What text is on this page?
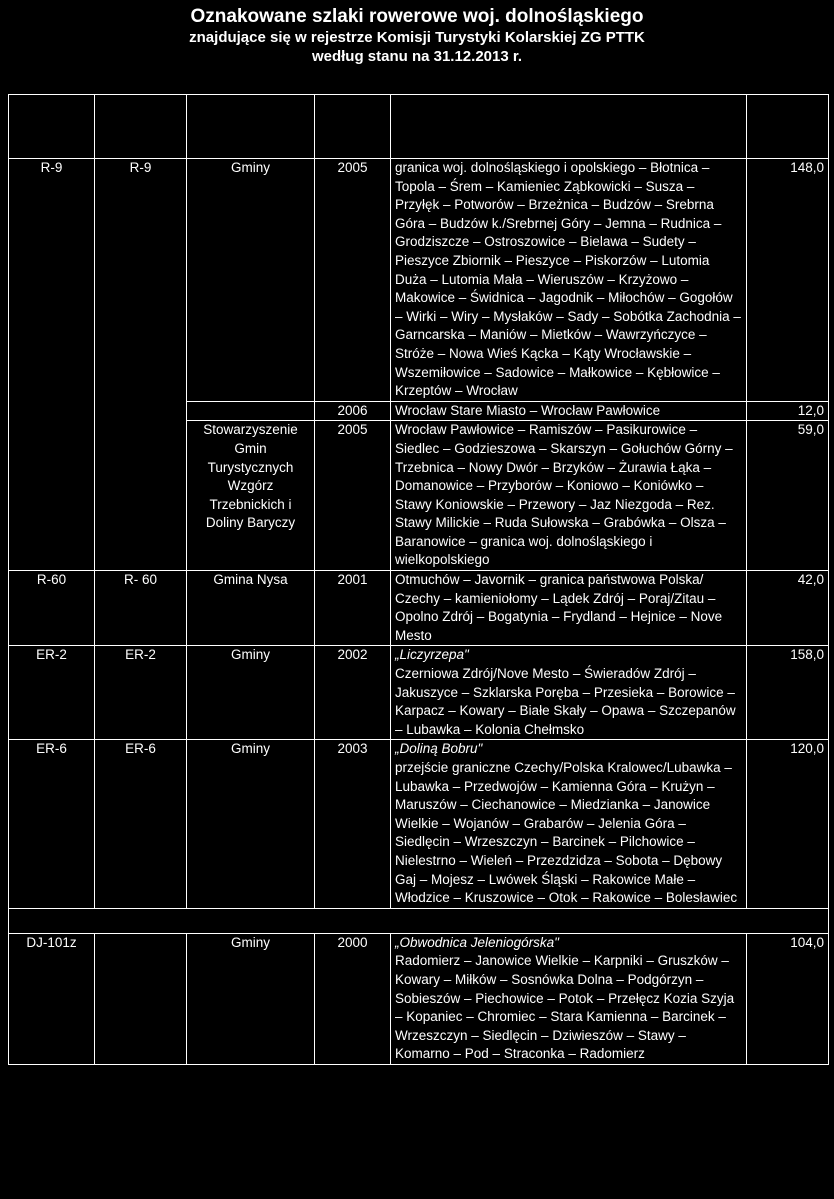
Oznakowane szlaki rowerowe woj. dolnośląskiego
znajdujące się w rejestrze Komisji Turystyki Kolarskiej ZG PTTK
według stanu na 31.12.2013 r.

R-9	R-9	Gminy	2005	granica woj. dolnośląskiego i opolskiego – Błotnica – Topola – Śrem – Kamieniec Ząbkowicki – Susza – Przyłęk – Potworów – Brzeżnica – Budzów – Srebrna Góra – Budzów k./Srebrnej Góry – Jemna – Rudnica – Grodziszcze – Ostroszowice – Bielawa – Sudety – Pieszyce Zbiornik – Pieszyce – Piskorzów – Lutomia Duża – Lutomia Mała – Wieruszów – Krzyżowo – Makowice – Świdnica – Jagodnik – Miłochów – Gogołów – Wirki – Wiry – Mysłaków – Sady – Sobótka Zachodnia – Garncarska – Maniów – Mietków – Wawrzyńczyce – Stróże – Nowa Wieś Kącka – Kąty Wrocławskie – Wszemiłowice – Sadowice – Małkowice – Kębłowice – Krzeptów – Wrocław	148,0
			2006	Wrocław Stare Miasto – Wrocław Pawłowice	12,0
		Stowarzyszenie Gmin Turystycznych Wzgórz Trzebnickich i Doliny Baryczy	2005	Wrocław Pawłowice – Ramiszów – Pasikurowice – Siedlec – Godzieszowa – Skarszyn – Gołuchów Górny – Trzebnica – Nowy Dwór – Brzyków – Żurawia Łąka – Domanowice – Przyborów – Koniowo – Koniówko – Stawy Koniowskie – Przewory – Jaz Niezgoda – Rez. Stawy Milickie – Ruda Sułowska – Grabówka – Olsza – Baranowice – granica woj. dolnośląskiego i wielkopolskiego	59,0
R-60	R- 60	Gmina Nysa	2001	Otmuchów – Javornik – granica państwowa Polska/ Czechy – kamieniołomy – Lądek Zdrój – Poraj/Zitau – Opolno Zdrój – Bogatynia – Frydland – Hejnice – Nove Mesto	42,0
ER-2	ER-2	Gminy	2002	„Liczyrzepa"
Czerniowa Zdrój/Nove Mesto – Świeradów Zdrój – Jakuszyce – Szklarska Poręba – Przesieka – Borowice – Karpacz – Kowary – Białe Skały – Opawa – Szczepanów – Lubawka – Kolonia Chełmsko	158,0
ER-6	ER-6	Gminy	2003	„Doliną Bobru"
przejście graniczne Czechy/Polska Kralowec/Lubawka – Lubawka – Przedwojów – Kamienna Góra – Krużyn – Maruszów – Ciechanowice – Miedzianka – Janowice Wielkie – Wojanów – Grabarów – Jelenia Góra – Siedlęcin – Wrzeszczyn – Barcinek – Pilchowice – Nielestrno – Wieleń – Przezdzidza – Sobota – Dębowy Gaj – Mojesz – Lwówek Śląski – Rakowice Małe – Włodzice – Kruszowice – Otok – Rakowice – Bolesławiec	120,0

DJ-101z		Gminy	2000	„Obwodnica Jeleniogórska"
Radomierz – Janowice Wielkie – Karpniki – Gruszków – Kowary – Miłków – Sosnówka Dolna – Podgórzyn – Sobieszów – Piechowice – Potok – Przełęcz Kozia Szyja – Kopaniec – Chromiec – Stara Kamienna – Barcinek – Wrzeszczyn – Siedlęcin – Dziwieszów – Stawy – Komarno – Pod – Straconka – Radomierz	104,0
